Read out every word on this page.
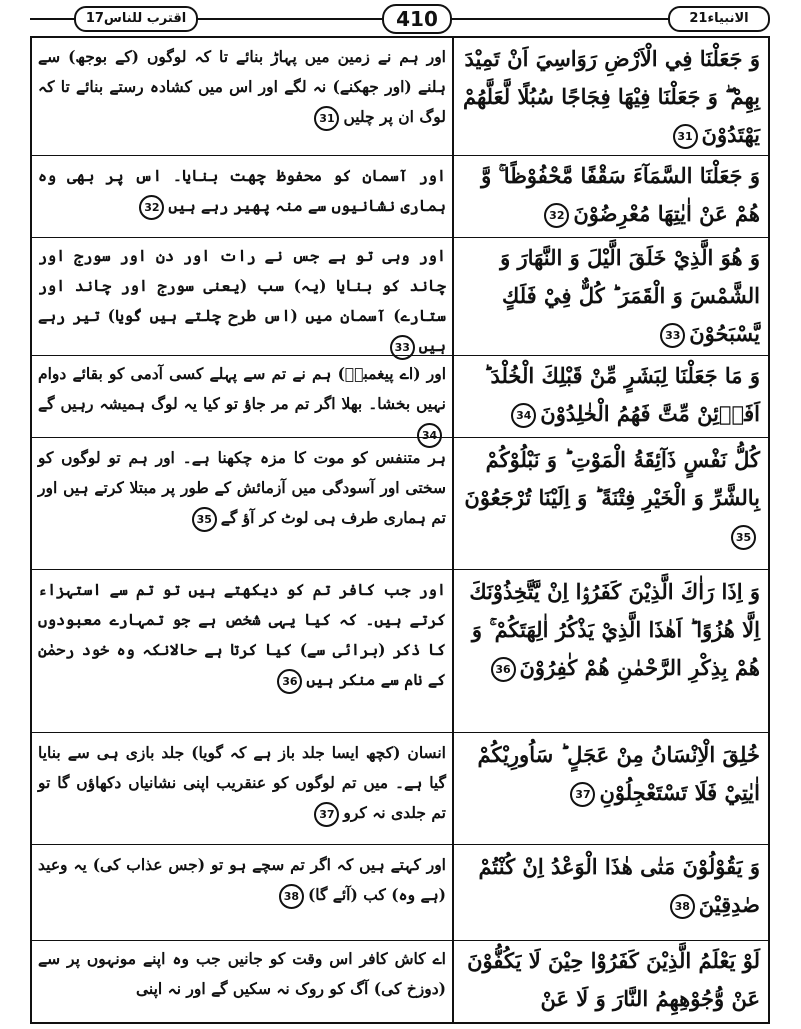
اقترب للناس17	410	الانبياء21
وَ جَعَلْنَا فِي الْاَرْضِ رَوَاسِيَ اَنْ تَمِيْدَ بِهِمْ ۖ وَ جَعَلْنَا فِيْهَا فِجَاجًا سُبُلًا لَّعَلَّهُمْ يَهْتَدُوْنَ31
اور ہم نے زمین میں پہاڑ بنائے تا کہ لوگوں (کے بوجھ) سے ہلنے (اور جھکنے) نہ لگے اور اس میں کشادہ رستے بنائے تا کہ لوگ ان پر چلیں31
وَ جَعَلْنَا السَّمَآءَ سَقْفًا مَّحْفُوْظًا ۚ وَّ هُمْ عَنْ اٰيٰتِهَا مُعْرِضُوْنَ32
اور آسمان کو محفوظ چھت بنایا۔ اس پر بھی وہ ہماری نشانیوں سے منہ پھیر رہے ہیں32
وَ هُوَ الَّذِيْ خَلَقَ الَّيْلَ وَ النَّهَارَ وَ الشَّمْسَ وَ الْقَمَرَ ؕ كُلٌّ فِيْ فَلَكٍ يَّسْبَحُوْنَ33
اور وہی تو ہے جس نے رات اور دن اور سورج اور چاند کو بنایا (یہ) سب (یعنی سورج اور چاند اور ستارے) آسمان میں (اس طرح چلتے ہیں گویا) تیر رہے ہیں33
وَ مَا جَعَلْنَا لِبَشَرٍ مِّنْ قَبْلِكَ الْخُلْدَ ؕ اَفَاۡئِنْ مِّتَّ فَهُمُ الْخٰلِدُوْنَ34
اور (اے پیغمبرؐ) ہم نے تم سے پہلے کسی آدمی کو بقائے دوام نہیں بخشا۔ بھلا اگر تم مر جاؤ تو کیا یہ لوگ ہمیشہ رہیں گے34
كُلُّ نَفْسٍ ذَآئِقَةُ الْمَوْتِ ؕ وَ نَبْلُوْكُمْ بِالشَّرِّ وَ الْخَيْرِ فِتْنَةً ؕ وَ اِلَيْنَا تُرْجَعُوْنَ35
ہر متنفس کو موت کا مزہ چکھنا ہے۔ اور ہم تو لوگوں کو سختی اور آسودگی میں آزمائش کے طور پر مبتلا کرتے ہیں اور تم ہماری طرف ہی لوٹ کر آؤ گے35
وَ اِذَا رَاٰكَ الَّذِيْنَ كَفَرُوْۤا اِنْ يَّتَّخِذُوْنَكَ اِلَّا هُزُوًا ؕ اَهٰذَا الَّذِيْ يَذْكُرُ اٰلِهَتَكُمْ ۚ وَ هُمْ بِذِكْرِ الرَّحْمٰنِ هُمْ كٰفِرُوْنَ36
اور جب کافر تم کو دیکھتے ہیں تو تم سے استہزاء کرتے ہیں۔ کہ کیا یہی شخص ہے جو تمہارے معبودوں کا ذکر (برائی سے) کیا کرتا ہے حالانکہ وہ خود رحمٰن کے نام سے منکر ہیں36
خُلِقَ الْاِنْسَانُ مِنْ عَجَلٍ ؕ سَاُورِيْكُمْ اٰيٰتِيْ فَلَا تَسْتَعْجِلُوْنِ37
انسان (کچھ ایسا جلد باز ہے کہ گویا) جلد بازی ہی سے بنایا گیا ہے۔ میں تم لوگوں کو عنقریب اپنی نشانیاں دکھاؤں گا تو تم جلدی نہ کرو37
وَ يَقُوْلُوْنَ مَتٰى هٰذَا الْوَعْدُ اِنْ كُنْتُمْ صٰدِقِيْنَ38
اور کہتے ہیں کہ اگر تم سچے ہو تو (جس عذاب کی) یہ وعید (ہے وہ) کب (آئے گا)38
لَوْ يَعْلَمُ الَّذِيْنَ كَفَرُوْا حِيْنَ لَا يَكُفُّوْنَ عَنْ وُّجُوْهِهِمُ النَّارَ وَ لَا عَنْ
اے کاش کافر اس وقت کو جانیں جب وہ اپنے مونہوں پر سے (دوزخ کی) آگ کو روک نہ سکیں گے اور نہ اپنی
